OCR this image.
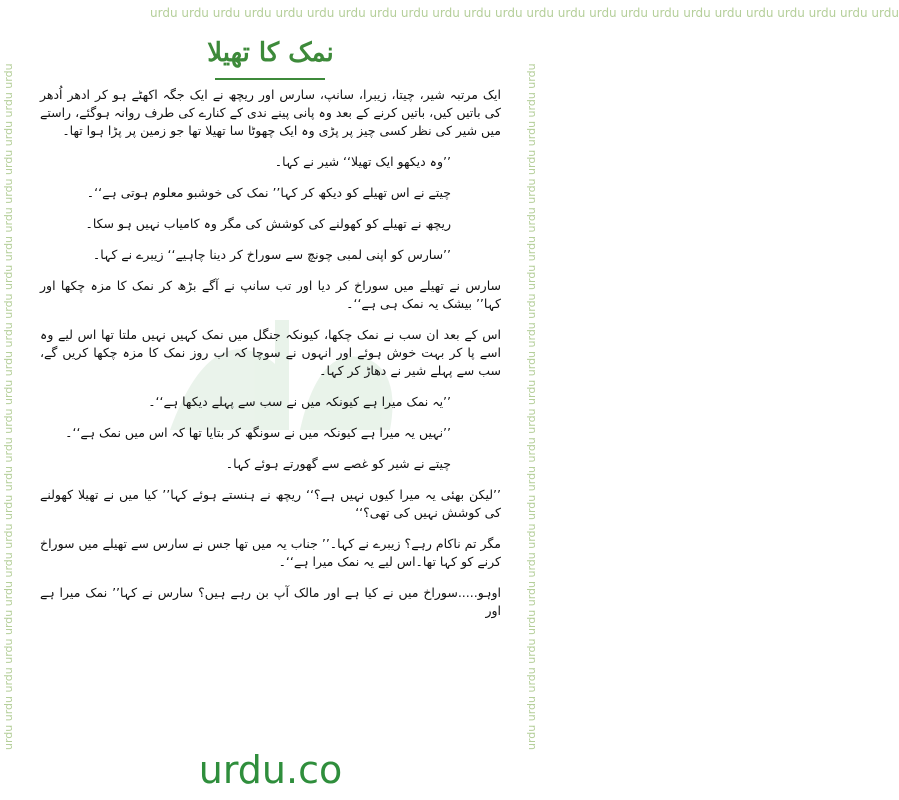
urdu urdu urdu urdu urdu urdu urdu urdu urdu urdu urdu urdu urdu urdu urdu urdu urdu urdu urdu urdu urdu urdu urdu urdu
urdu urdu urdu urdu urdu urdu urdu urdu urdu urdu urdu urdu urdu urdu urdu urdu urdu urdu urdu urdu urdu urdu urdu urdu	urdu urdu urdu urdu urdu urdu urdu urdu urdu urdu urdu urdu urdu urdu urdu urdu urdu urdu urdu urdu urdu urdu urdu urdu
نمک کا تھیلا

ایک مرتبہ شیر، چیتا، زیبرا، سانپ، سارس اور ریچھ نے ایک جگہ اکھٹے ہو کر ادھر اُدھر کی باتیں کیں، باتیں کرنے کے بعد وہ پانی پینے ندی کے کنارے کی طرف روانہ ہوگئے، راستے میں شیر کی نظر کسی چیز پر پڑی وہ ایک چھوٹا سا تھیلا تھا جو زمین پر پڑا ہوا تھا۔

’’وہ دیکھو ایک تھیلا‘‘ شیر نے کہا۔

چیتے نے اس تھیلے کو دیکھ کر کہا’’ نمک کی خوشبو معلوم ہوتی ہے‘‘۔

ریچھ نے تھیلے کو کھولنے کی کوشش کی مگر وہ کامیاب نہیں ہو سکا۔

’’سارس کو اپنی لمبی چونچ سے سوراخ کر دینا چاہیے‘‘ زیبرے نے کہا۔

سارس نے تھیلے میں سوراخ کر دیا اور تب سانپ نے آگے بڑھ کر نمک کا مزہ چکھا اور کہا’’ بیشک یہ نمک ہی ہے‘‘۔

اس کے بعد ان سب نے نمک چکھا، کیونکہ جنگل میں نمک کہیں نہیں ملتا تھا اس لیے وہ اسے پا کر بہت خوش ہوئے اور انہوں نے سوچا کہ اب روز نمک کا مزہ چکھا کریں گے، سب سے پہلے شیر نے دھاڑ کر کہا۔

’’یہ نمک میرا ہے کیونکہ میں نے سب سے پہلے دیکھا ہے‘‘۔

’’نہیں یہ میرا ہے کیونکہ میں نے سونگھ کر بتایا تھا کہ اس میں نمک ہے‘‘۔

چیتے نے شیر کو غصے سے گھورتے ہوئے کہا۔

’’لیکن بھئی یہ میرا کیوں نہیں ہے؟‘‘ ریچھ نے ہنستے ہوئے کہا’’ کیا میں نے تھیلا کھولنے کی کوشش نہیں کی تھی؟‘‘

مگر تم ناکام رہے؟ زیبرے نے کہا۔’’ جناب یہ میں تھا جس نے سارس سے تھیلے میں سوراخ کرنے کو کہا تھا۔اس لیے یہ نمک میرا ہے‘‘۔

اوہو.....سوراخ میں نے کیا ہے اور مالک آپ بن رہے ہیں؟ سارس نے کہا’’ نمک میرا ہے اور

urdu.co
